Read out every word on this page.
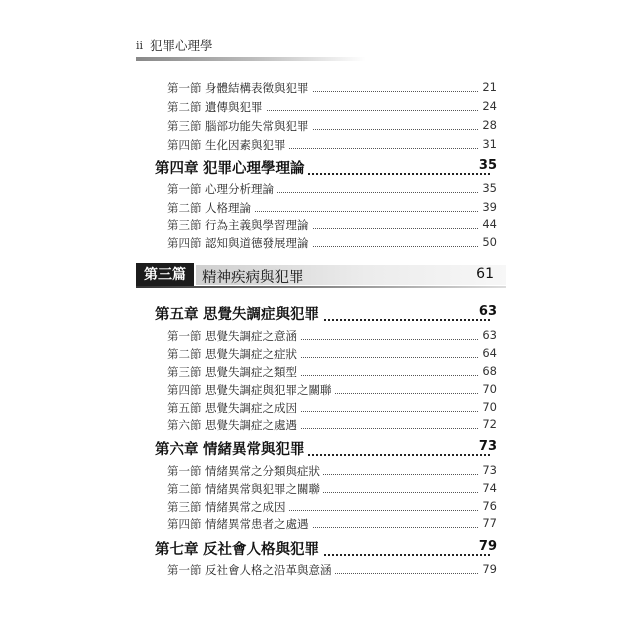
ii 犯罪心理學
第一節 身體結構表徵與犯罪	21
第二節 遺傳與犯罪	24
第三節 腦部功能失常與犯罪	28
第四節 生化因素與犯罪	31
第四章 犯罪心理學理論	35
第一節 心理分析理論	35
第二節 人格理論	39
第三節 行為主義與學習理論	44
第四節 認知與道德發展理論	50
第三篇	精神疾病與犯罪	61
第五章 思覺失調症與犯罪	63
第一節 思覺失調症之意涵	63
第二節 思覺失調症之症狀	64
第三節 思覺失調症之類型	68
第四節 思覺失調症與犯罪之關聯	70
第五節 思覺失調症之成因	70
第六節 思覺失調症之處遇	72
第六章 情緒異常與犯罪	73
第一節 情緒異常之分類與症狀	73
第二節 情緒異常與犯罪之關聯	74
第三節 情緒異常之成因	76
第四節 情緒異常患者之處遇	77
第七章 反社會人格與犯罪	79
第一節 反社會人格之沿革與意涵	79
